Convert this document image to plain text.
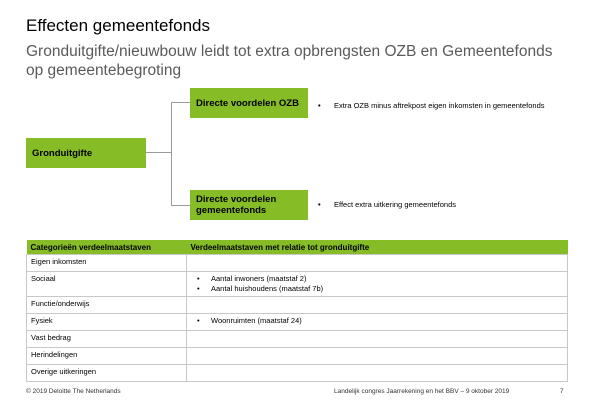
Effecten gemeentefonds
Gronduitgifte/nieuwbouw leidt tot extra opbrengsten OZB en Gemeentefonds op gemeentebegroting
Gronduitgifte
Directe voordelen OZB
Directe voordelen gemeentefonds
•	Extra OZB minus aftrekpost eigen inkomsten in gemeentefonds
•	Effect extra uitkering gemeentefonds
Categorieën verdeelmaatstaven	Verdeelmaatstaven met relatie tot gronduitgifte
Eigen inkomsten	
Sociaal	• Aantal inwoners (maatstaf 2)
• Aantal huishoudens (maatstaf 7b)

Functie/onderwijs	
Fysiek	• Woonruimten (maatstaf 24)

Vast bedrag	
Herindelingen	
Overige uitkeringen	
© 2019 Deloitte The Netherlands	Landelijk congres Jaarrekening en het BBV – 9 oktober 2019	7
